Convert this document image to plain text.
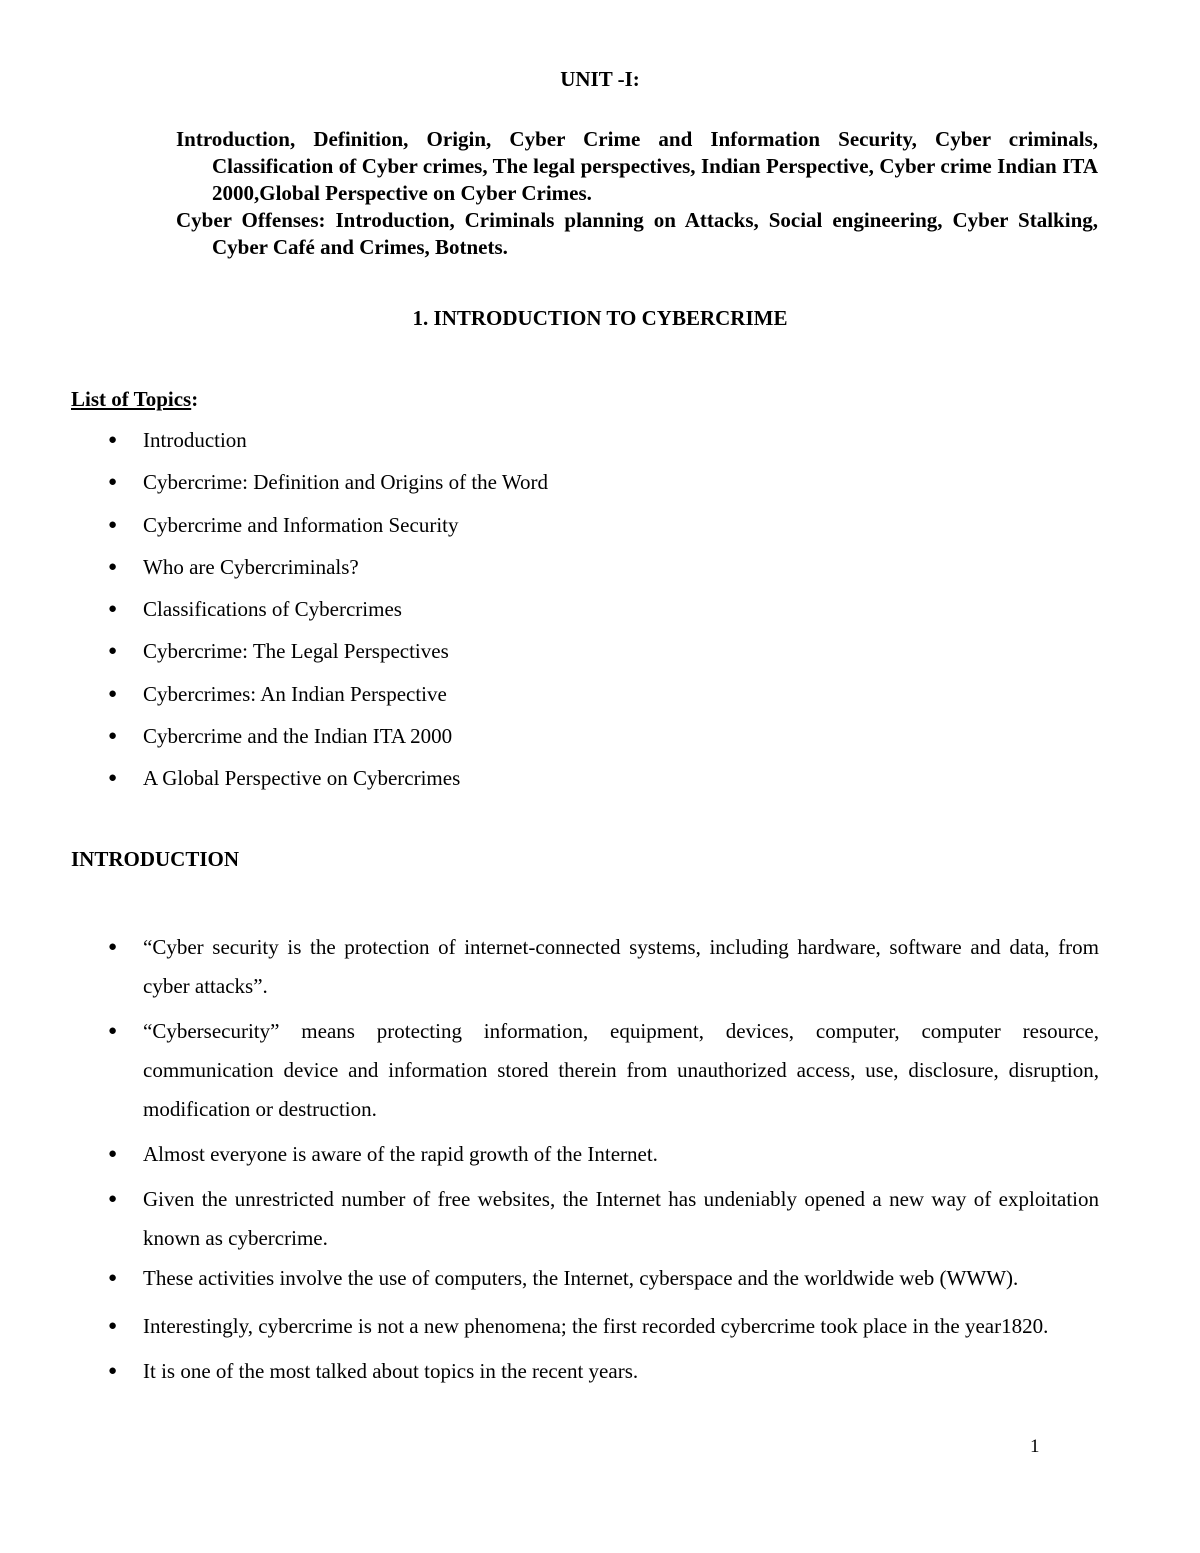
UNIT -I:

Introduction, Definition, Origin, Cyber Crime and Information Security, Cyber criminals, Classification of Cyber crimes, The legal perspectives, Indian Perspective, Cyber crime Indian ITA 2000,Global Perspective on Cyber Crimes.

Cyber Offenses: Introduction, Criminals planning on Attacks, Social engineering, Cyber Stalking, Cyber Café and Crimes, Botnets.

1. INTRODUCTION TO CYBERCRIME
List of Topics:
● Introduction
● Cybercrime: Definition and Origins of the Word
● Cybercrime and Information Security
● Who are Cybercriminals?
● Classifications of Cybercrimes
● Cybercrime: The Legal Perspectives
● Cybercrimes: An Indian Perspective
● Cybercrime and the Indian ITA 2000
● A Global Perspective on Cybercrimes
INTRODUCTION
● “Cyber security is the protection of internet-connected systems, including hardware, software and data, from cyber attacks”.
● “Cybersecurity” means protecting information, equipment, devices, computer, computer resource, communication device and information stored therein from unauthorized access, use, disclosure, disruption, modification or destruction.
● Almost everyone is aware of the rapid growth of the Internet.
● Given the unrestricted number of free websites, the Internet has undeniably opened a new way of exploitation known as cybercrime.
● These activities involve the use of computers, the Internet, cyberspace and the worldwide web (WWW).
● Interestingly, cybercrime is not a new phenomena; the first recorded cybercrime took place in the year1820.
● It is one of the most talked about topics in the recent years.
1
